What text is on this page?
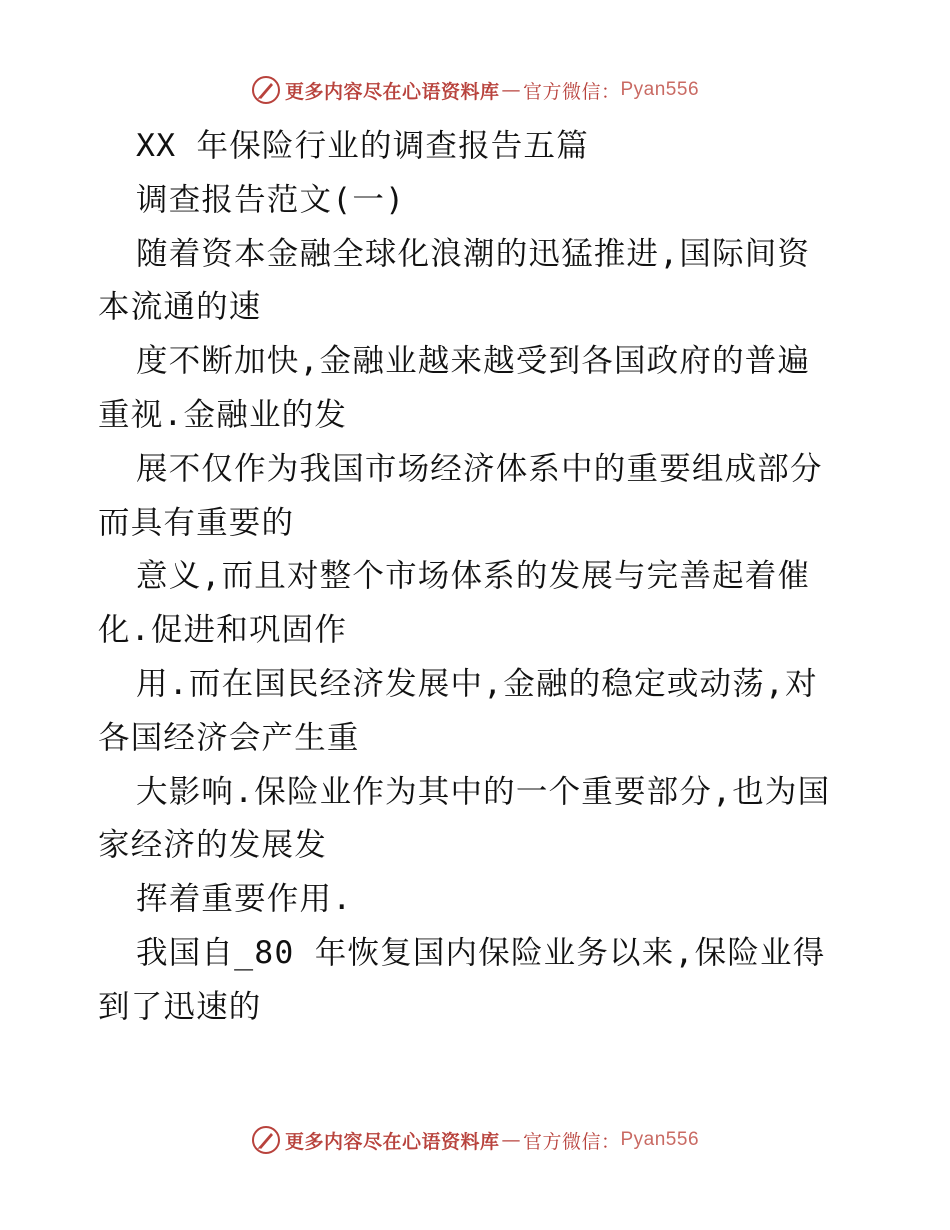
更多内容尽在心语资料库 — 官方微信： Pyan556
XX 年保险行业的调查报告五篇
调查报告范文(一)
随着资本金融全球化浪潮的迅猛推进,国际间资
本流通的速
度不断加快,金融业越来越受到各国政府的普遍
重视.金融业的发
展不仅作为我国市场经济体系中的重要组成部分
而具有重要的
意义,而且对整个市场体系的发展与完善起着催
化.促进和巩固作
用.而在国民经济发展中,金融的稳定或动荡,对
各国经济会产生重
大影响.保险业作为其中的一个重要部分,也为国
家经济的发展发
挥着重要作用.
我国自_80 年恢复国内保险业务以来,保险业得
到了迅速的
更多内容尽在心语资料库 — 官方微信： Pyan556
